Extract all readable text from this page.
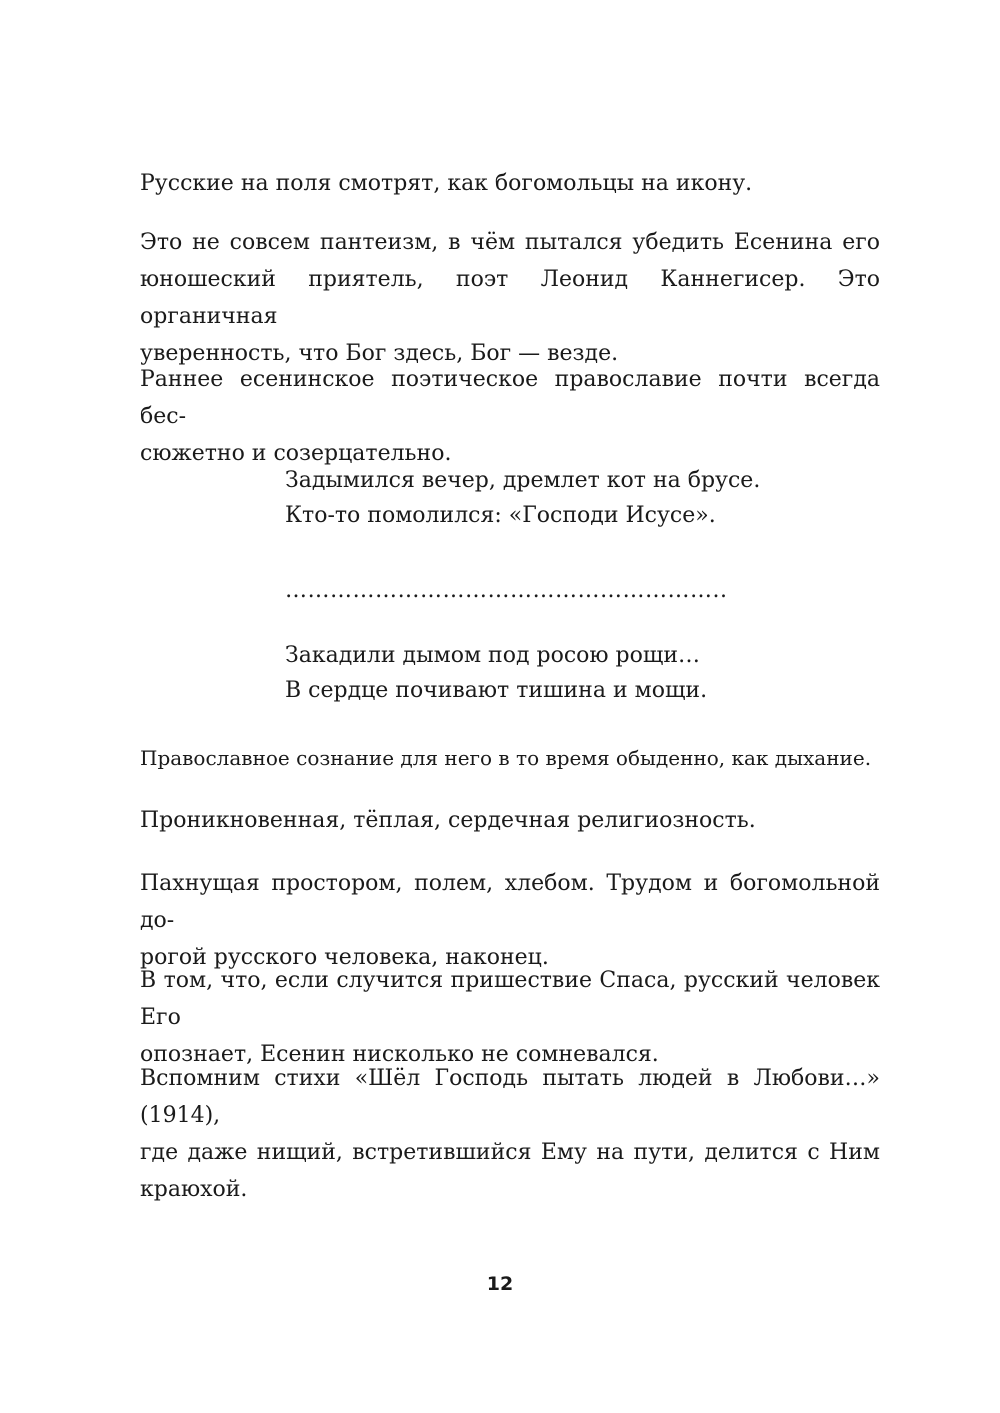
Русские на поля смотрят, как богомольцы на икону.

Это не совсем пантеизм, в чём пытался убедить Есенина его
юношеский приятель, поэт Леонид Каннегисер. Это органичная
уверенность, что Бог здесь, Бог — везде.

Раннее есенинское поэтическое православие почти всегда бес-
сюжетно и созерцательно.

Задымился вечер, дремлет кот на брусе.
Кто-то помолился: «Господи Исусе».
…………………………………………………..
Закадили дымом под росою рощи…
В сердце почивают тишина и мощи.

Православное сознание для него в то время обыденно, как дыхание.

Проникновенная, тёплая, сердечная религиозность.

Пахнущая простором, полем, хлебом. Трудом и богомольной до-
рогой русского человека, наконец.

В том, что, если случится пришествие Спаса, русский человек Его
опознает, Есенин нисколько не сомневался.

Вспомним стихи «Шёл Господь пытать людей в Любови…» (1914),
где даже нищий, встретившийся Ему на пути, делится с Ним
краюхой.

12
